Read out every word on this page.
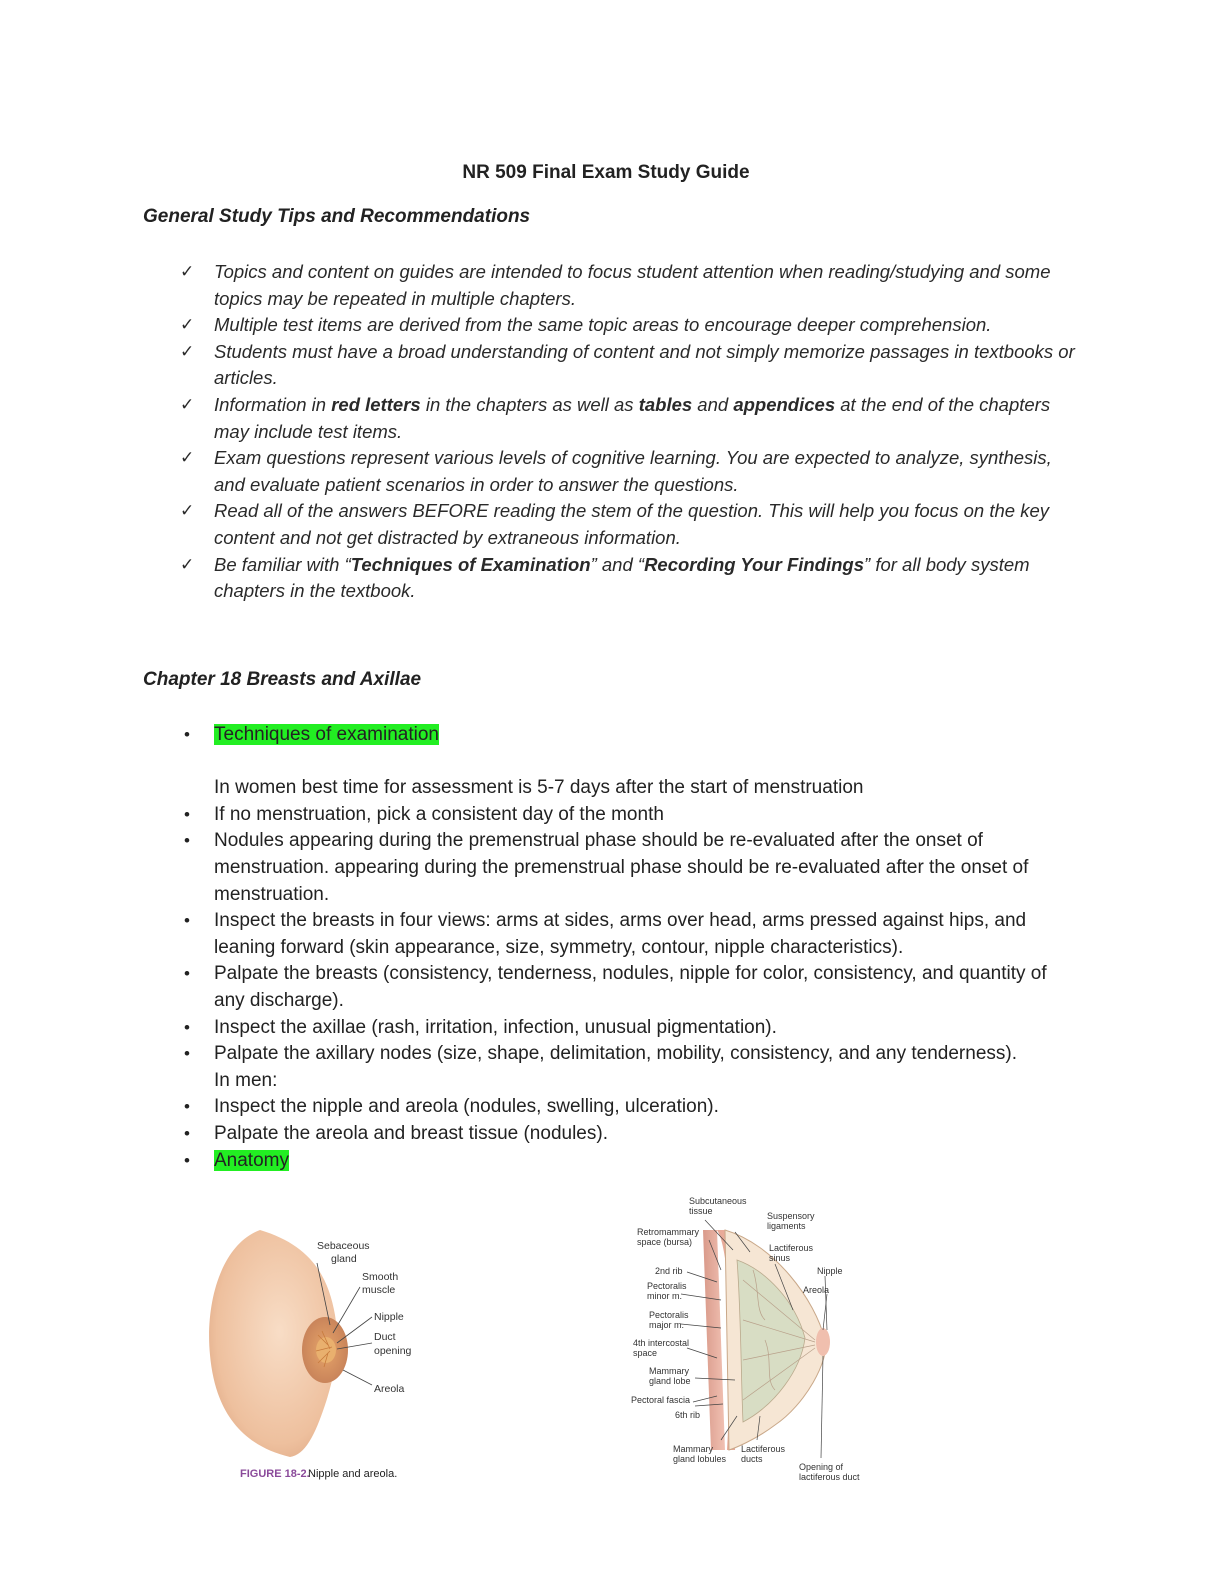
NR 509 Final Exam Study Guide
General Study Tips and Recommendations
✓ Topics and content on guides are intended to focus student attention when reading/studying and some topics may be repeated in multiple chapters.
✓ Multiple test items are derived from the same topic areas to encourage deeper comprehension.
✓ Students must have a broad understanding of content and not simply memorize passages in textbooks or articles.
✓ Information in red letters in the chapters as well as tables and appendices at the end of the chapters may include test items.
✓ Exam questions represent various levels of cognitive learning. You are expected to analyze, synthesis, and evaluate patient scenarios in order to answer the questions.
✓ Read all of the answers BEFORE reading the stem of the question. This will help you focus on the key content and not get distracted by extraneous information.
✓ Be familiar with “Techniques of Examination” and “Recording Your Findings” for all body system chapters in the textbook.
Chapter 18 Breasts and Axillae
• Techniques of examination
In women best time for assessment is 5-7 days after the start of menstruation
• If no menstruation, pick a consistent day of the month
• Nodules appearing during the premenstrual phase should be re-evaluated after the onset of menstruation. appearing during the premenstrual phase should be re-evaluated after the onset of menstruation.
• Inspect the breasts in four views: arms at sides, arms over head, arms pressed against hips, and leaning forward (skin appearance, size, symmetry, contour, nipple characteristics).
• Palpate the breasts (consistency, tenderness, nodules, nipple for color, consistency, and quantity of any discharge).
• Inspect the axillae (rash, irritation, infection, unusual pigmentation).
• Palpate the axillary nodes (size, shape, delimitation, mobility, consistency, and any tenderness).
In men:
• Inspect the nipple and areola (nodules, swelling, ulceration).
• Palpate the areola and breast tissue (nodules).
• Anatomy
Sebaceous
gland
Smooth
muscle
Nipple
Duct
opening
Areola
FIGURE 18-2.
Nipple and areola.
Subcutaneous
tissue	Suspensory
ligaments
Retromammary
space (bursa)
Lactiferous
sinus
2nd rib	Nipple
Pectoralis
minor m.
Areola
Pectoralis
major m.
4th intercostal
space
Mammary
gland lobe
Pectoral fascia
6th rib
Mammary
gland lobules
Lactiferous
ducts
Opening of
lactiferous duct
